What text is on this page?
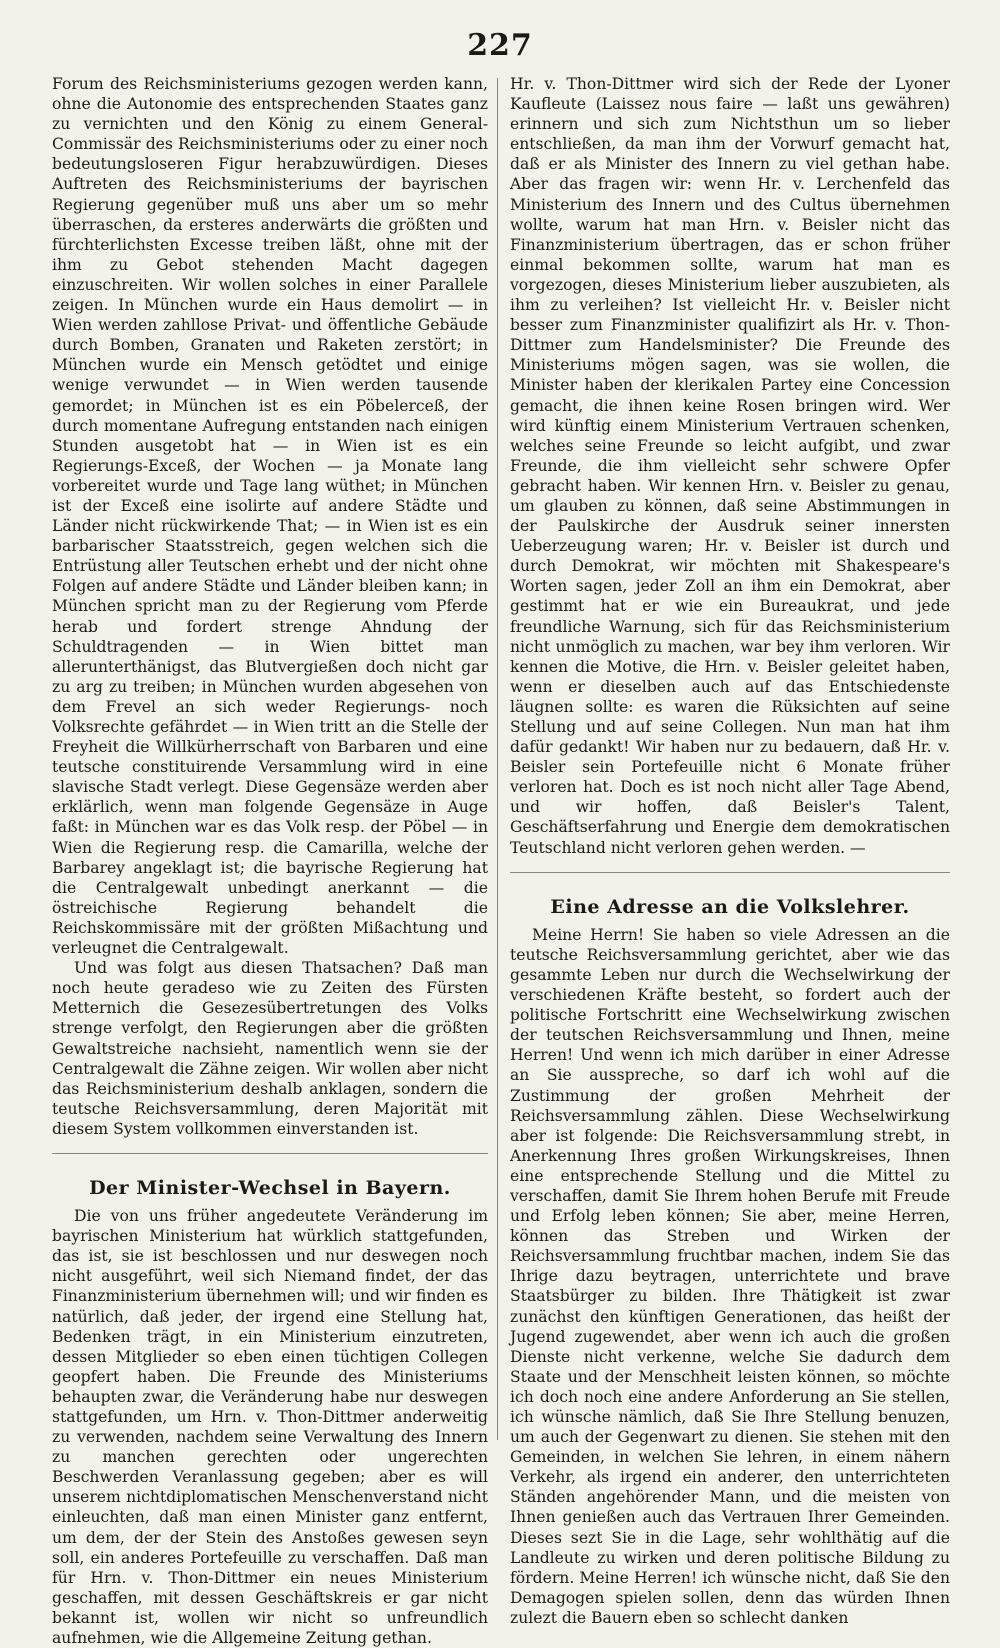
227

Forum des Reichsministeriums gezogen werden kann, ohne die Autonomie des entsprechenden Staates ganz zu vernichten und den König zu einem General-Commissär des Reichsministeriums oder zu einer noch bedeutungsloseren Figur herabzuwürdigen. Dieses Auftreten des Reichsministeriums der bayrischen Regierung gegenüber muß uns aber um so mehr überraschen, da ersteres anderwärts die größten und fürchterlichsten Excesse treiben läßt, ohne mit der ihm zu Gebot stehenden Macht dagegen einzuschreiten. Wir wollen solches in einer Parallele zeigen. In München wurde ein Haus demolirt — in Wien werden zahllose Privat- und öffentliche Gebäude durch Bomben, Granaten und Raketen zerstört; in München wurde ein Mensch getödtet und einige wenige verwundet — in Wien werden tausende gemordet; in München ist es ein Pöbelerceß, der durch momentane Aufregung entstanden nach einigen Stunden ausgetobt hat — in Wien ist es ein Regierungs-Exceß, der Wochen — ja Monate lang vorbereitet wurde und Tage lang wüthet; in München ist der Exceß eine isolirte auf andere Städte und Länder nicht rückwirkende That; — in Wien ist es ein barbarischer Staatsstreich, gegen welchen sich die Entrüstung aller Teutschen erhebt und der nicht ohne Folgen auf andere Städte und Länder bleiben kann; in München spricht man zu der Regierung vom Pferde herab und fordert strenge Ahndung der Schuldtragenden — in Wien bittet man allerunterthänigst, das Blutvergießen doch nicht gar zu arg zu treiben; in München wurden abgesehen von dem Frevel an sich weder Regierungs- noch Volksrechte gefährdet — in Wien tritt an die Stelle der Freyheit die Willkürherrschaft von Barbaren und eine teutsche constituirende Versammlung wird in eine slavische Stadt verlegt. Diese Gegensäze werden aber erklärlich, wenn man folgende Gegensäze in Auge faßt: in München war es das Volk resp. der Pöbel — in Wien die Regierung resp. die Camarilla, welche der Barbarey angeklagt ist; die bayrische Regierung hat die Centralgewalt unbedingt anerkannt — die östreichische Regierung behandelt die Reichskommissäre mit der größten Mißachtung und verleugnet die Centralgewalt.

Und was folgt aus diesen Thatsachen? Daß man noch heute geradeso wie zu Zeiten des Fürsten Metternich die Gesezesübertretungen des Volks strenge verfolgt, den Regierungen aber die größten Gewaltstreiche nachsieht, namentlich wenn sie der Centralgewalt die Zähne zeigen. Wir wollen aber nicht das Reichsministerium deshalb anklagen, sondern die teutsche Reichsversammlung, deren Majorität mit diesem System vollkommen einverstanden ist.

Der Minister-Wechsel in Bayern.

Die von uns früher angedeutete Veränderung im bayrischen Ministerium hat würklich stattgefunden, das ist, sie ist beschlossen und nur deswegen noch nicht ausgeführt, weil sich Niemand findet, der das Finanzministerium übernehmen will; und wir finden es natürlich, daß jeder, der irgend eine Stellung hat, Bedenken trägt, in ein Ministerium einzutreten, dessen Mitglieder so eben einen tüchtigen Collegen geopfert haben. Die Freunde des Ministeriums behaupten zwar, die Veränderung habe nur deswegen stattgefunden, um Hrn. v. Thon-Dittmer anderweitig zu verwenden, nachdem seine Verwaltung des Innern zu manchen gerechten oder ungerechten Beschwerden Veranlassung gegeben; aber es will unserem nichtdiplomatischen Menschenverstand nicht einleuchten, daß man einen Minister ganz entfernt, um dem, der der Stein des Anstoßes gewesen seyn soll, ein anderes Portefeuille zu verschaffen. Daß man für Hrn. v. Thon-Dittmer ein neues Ministerium geschaffen, mit dessen Geschäftskreis er gar nicht bekannt ist, wollen wir nicht so unfreundlich aufnehmen, wie die Allgemeine Zeitung gethan.

Hr. v. Thon-Dittmer wird sich der Rede der Lyoner Kaufleute (Laissez nous faire — laßt uns gewähren) erinnern und sich zum Nichtsthun um so lieber entschließen, da man ihm der Vorwurf gemacht hat, daß er als Minister des Innern zu viel gethan habe. Aber das fragen wir: wenn Hr. v. Lerchenfeld das Ministerium des Innern und des Cultus übernehmen wollte, warum hat man Hrn. v. Beisler nicht das Finanzministerium übertragen, das er schon früher einmal bekommen sollte, warum hat man es vorgezogen, dieses Ministerium lieber auszubieten, als ihm zu verleihen? Ist vielleicht Hr. v. Beisler nicht besser zum Finanzminister qualifizirt als Hr. v. Thon-Dittmer zum Handelsminister? Die Freunde des Ministeriums mögen sagen, was sie wollen, die Minister haben der klerikalen Partey eine Concession gemacht, die ihnen keine Rosen bringen wird. Wer wird künftig einem Ministerium Vertrauen schenken, welches seine Freunde so leicht aufgibt, und zwar Freunde, die ihm vielleicht sehr schwere Opfer gebracht haben. Wir kennen Hrn. v. Beisler zu genau, um glauben zu können, daß seine Abstimmungen in der Paulskirche der Ausdruk seiner innersten Ueberzeugung waren; Hr. v. Beisler ist durch und durch Demokrat, wir möchten mit Shakespeare's Worten sagen, jeder Zoll an ihm ein Demokrat, aber gestimmt hat er wie ein Bureaukrat, und jede freundliche Warnung, sich für das Reichsministerium nicht unmöglich zu machen, war bey ihm verloren. Wir kennen die Motive, die Hrn. v. Beisler geleitet haben, wenn er dieselben auch auf das Entschiedenste läugnen sollte: es waren die Rüksichten auf seine Stellung und auf seine Collegen. Nun man hat ihm dafür gedankt! Wir haben nur zu bedauern, daß Hr. v. Beisler sein Portefeuille nicht 6 Monate früher verloren hat. Doch es ist noch nicht aller Tage Abend, und wir hoffen, daß Beisler's Talent, Geschäftserfahrung und Energie dem demokratischen Teutschland nicht verloren gehen werden. —

Eine Adresse an die Volkslehrer.

Meine Herrn! Sie haben so viele Adressen an die teutsche Reichsversammlung gerichtet, aber wie das gesammte Leben nur durch die Wechselwirkung der verschiedenen Kräfte besteht, so fordert auch der politische Fortschritt eine Wechselwirkung zwischen der teutschen Reichsversammlung und Ihnen, meine Herren! Und wenn ich mich darüber in einer Adresse an Sie ausspreche, so darf ich wohl auf die Zustimmung der großen Mehrheit der Reichsversammlung zählen. Diese Wechselwirkung aber ist folgende: Die Reichsversammlung strebt, in Anerkennung Ihres großen Wirkungskreises, Ihnen eine entsprechende Stellung und die Mittel zu verschaffen, damit Sie Ihrem hohen Berufe mit Freude und Erfolg leben können; Sie aber, meine Herren, können das Streben und Wirken der Reichsversammlung fruchtbar machen, indem Sie das Ihrige dazu beytragen, unterrichtete und brave Staatsbürger zu bilden. Ihre Thätigkeit ist zwar zunächst den künftigen Generationen, das heißt der Jugend zugewendet, aber wenn ich auch die großen Dienste nicht verkenne, welche Sie dadurch dem Staate und der Menschheit leisten können, so möchte ich doch noch eine andere Anforderung an Sie stellen, ich wünsche nämlich, daß Sie Ihre Stellung benuzen, um auch der Gegenwart zu dienen. Sie stehen mit den Gemeinden, in welchen Sie lehren, in einem nähern Verkehr, als irgend ein anderer, den unterrichteten Ständen angehörender Mann, und die meisten von Ihnen genießen auch das Vertrauen Ihrer Gemeinden. Dieses sezt Sie in die Lage, sehr wohlthätig auf die Landleute zu wirken und deren politische Bildung zu fördern. Meine Herren! ich wünsche nicht, daß Sie den Demagogen spielen sollen, denn das würden Ihnen zulezt die Bauern eben so schlecht danken
